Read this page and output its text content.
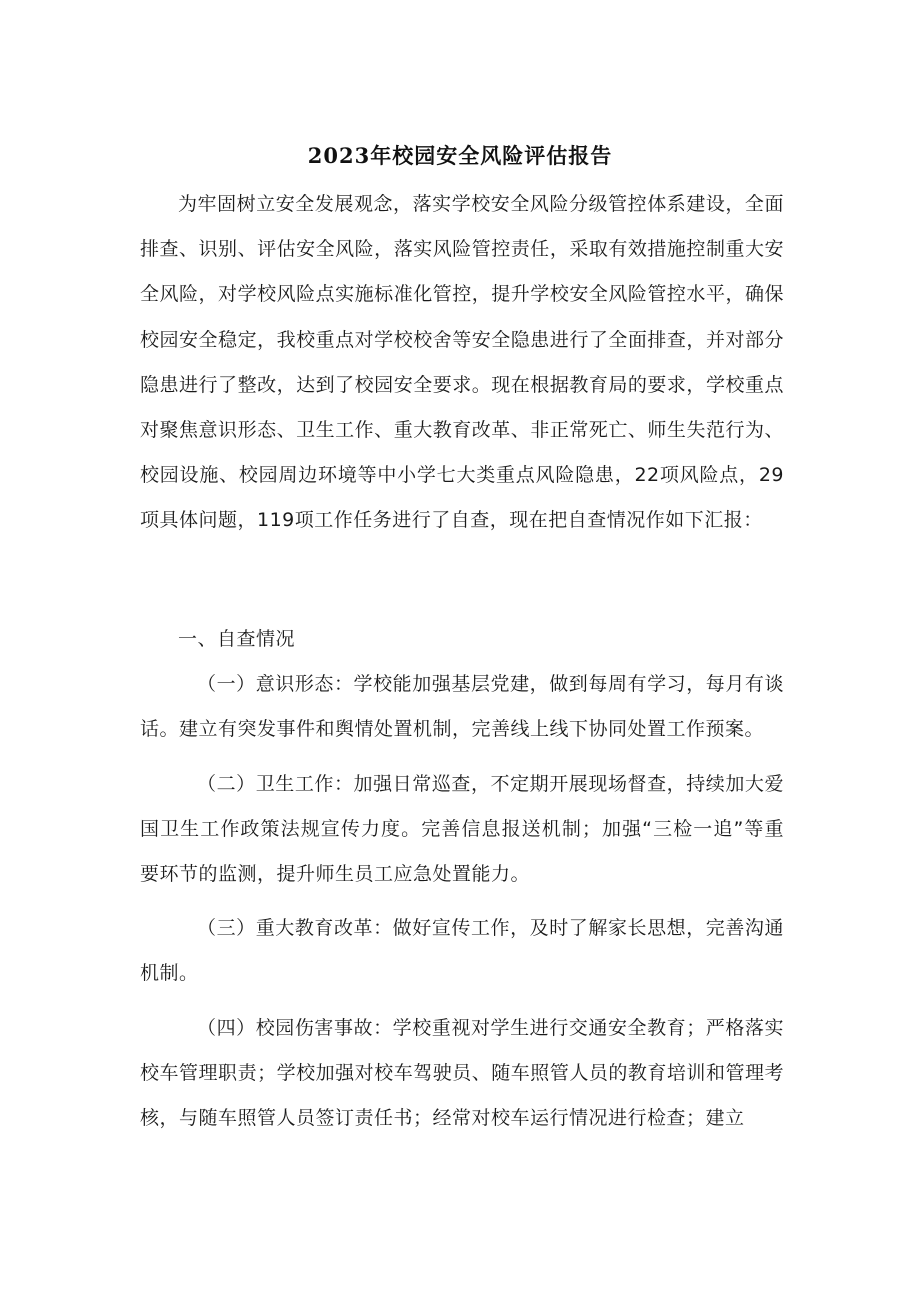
2023年校园安全风险评估报告

为牢固树立安全发展观念，落实学校安全风险分级管控体系建设，全面排查、识别、评估安全风险，落实风险管控责任，采取有效措施控制重大安全风险，对学校风险点实施标准化管控，提升学校安全风险管控水平，确保校园安全稳定，我校重点对学校校舍等安全隐患进行了全面排查，并对部分隐患进行了整改，达到了校园安全要求。现在根据教育局的要求，学校重点对聚焦意识形态、卫生工作、重大教育改革、非正常死亡、师生失范行为、校园设施、校园周边环境等中小学七大类重点风险隐患，22项风险点，29项具体问题，119项工作任务进行了自查，现在把自查情况作如下汇报：

一、自查情况

（一）意识形态：学校能加强基层党建，做到每周有学习，每月有谈话。建立有突发事件和舆情处置机制，完善线上线下协同处置工作预案。

（二）卫生工作：加强日常巡查，不定期开展现场督查，持续加大爱国卫生工作政策法规宣传力度。完善信息报送机制；加强“三检一追”等重要环节的监测，提升师生员工应急处置能力。

（三）重大教育改革：做好宣传工作，及时了解家长思想，完善沟通机制。

（四）校园伤害事故：学校重视对学生进行交通安全教育；严格落实校车管理职责；学校加强对校车驾驶员、随车照管人员的教育培训和管理考核，与随车照管人员签订责任书；经常对校车运行情况进行检查；建立
